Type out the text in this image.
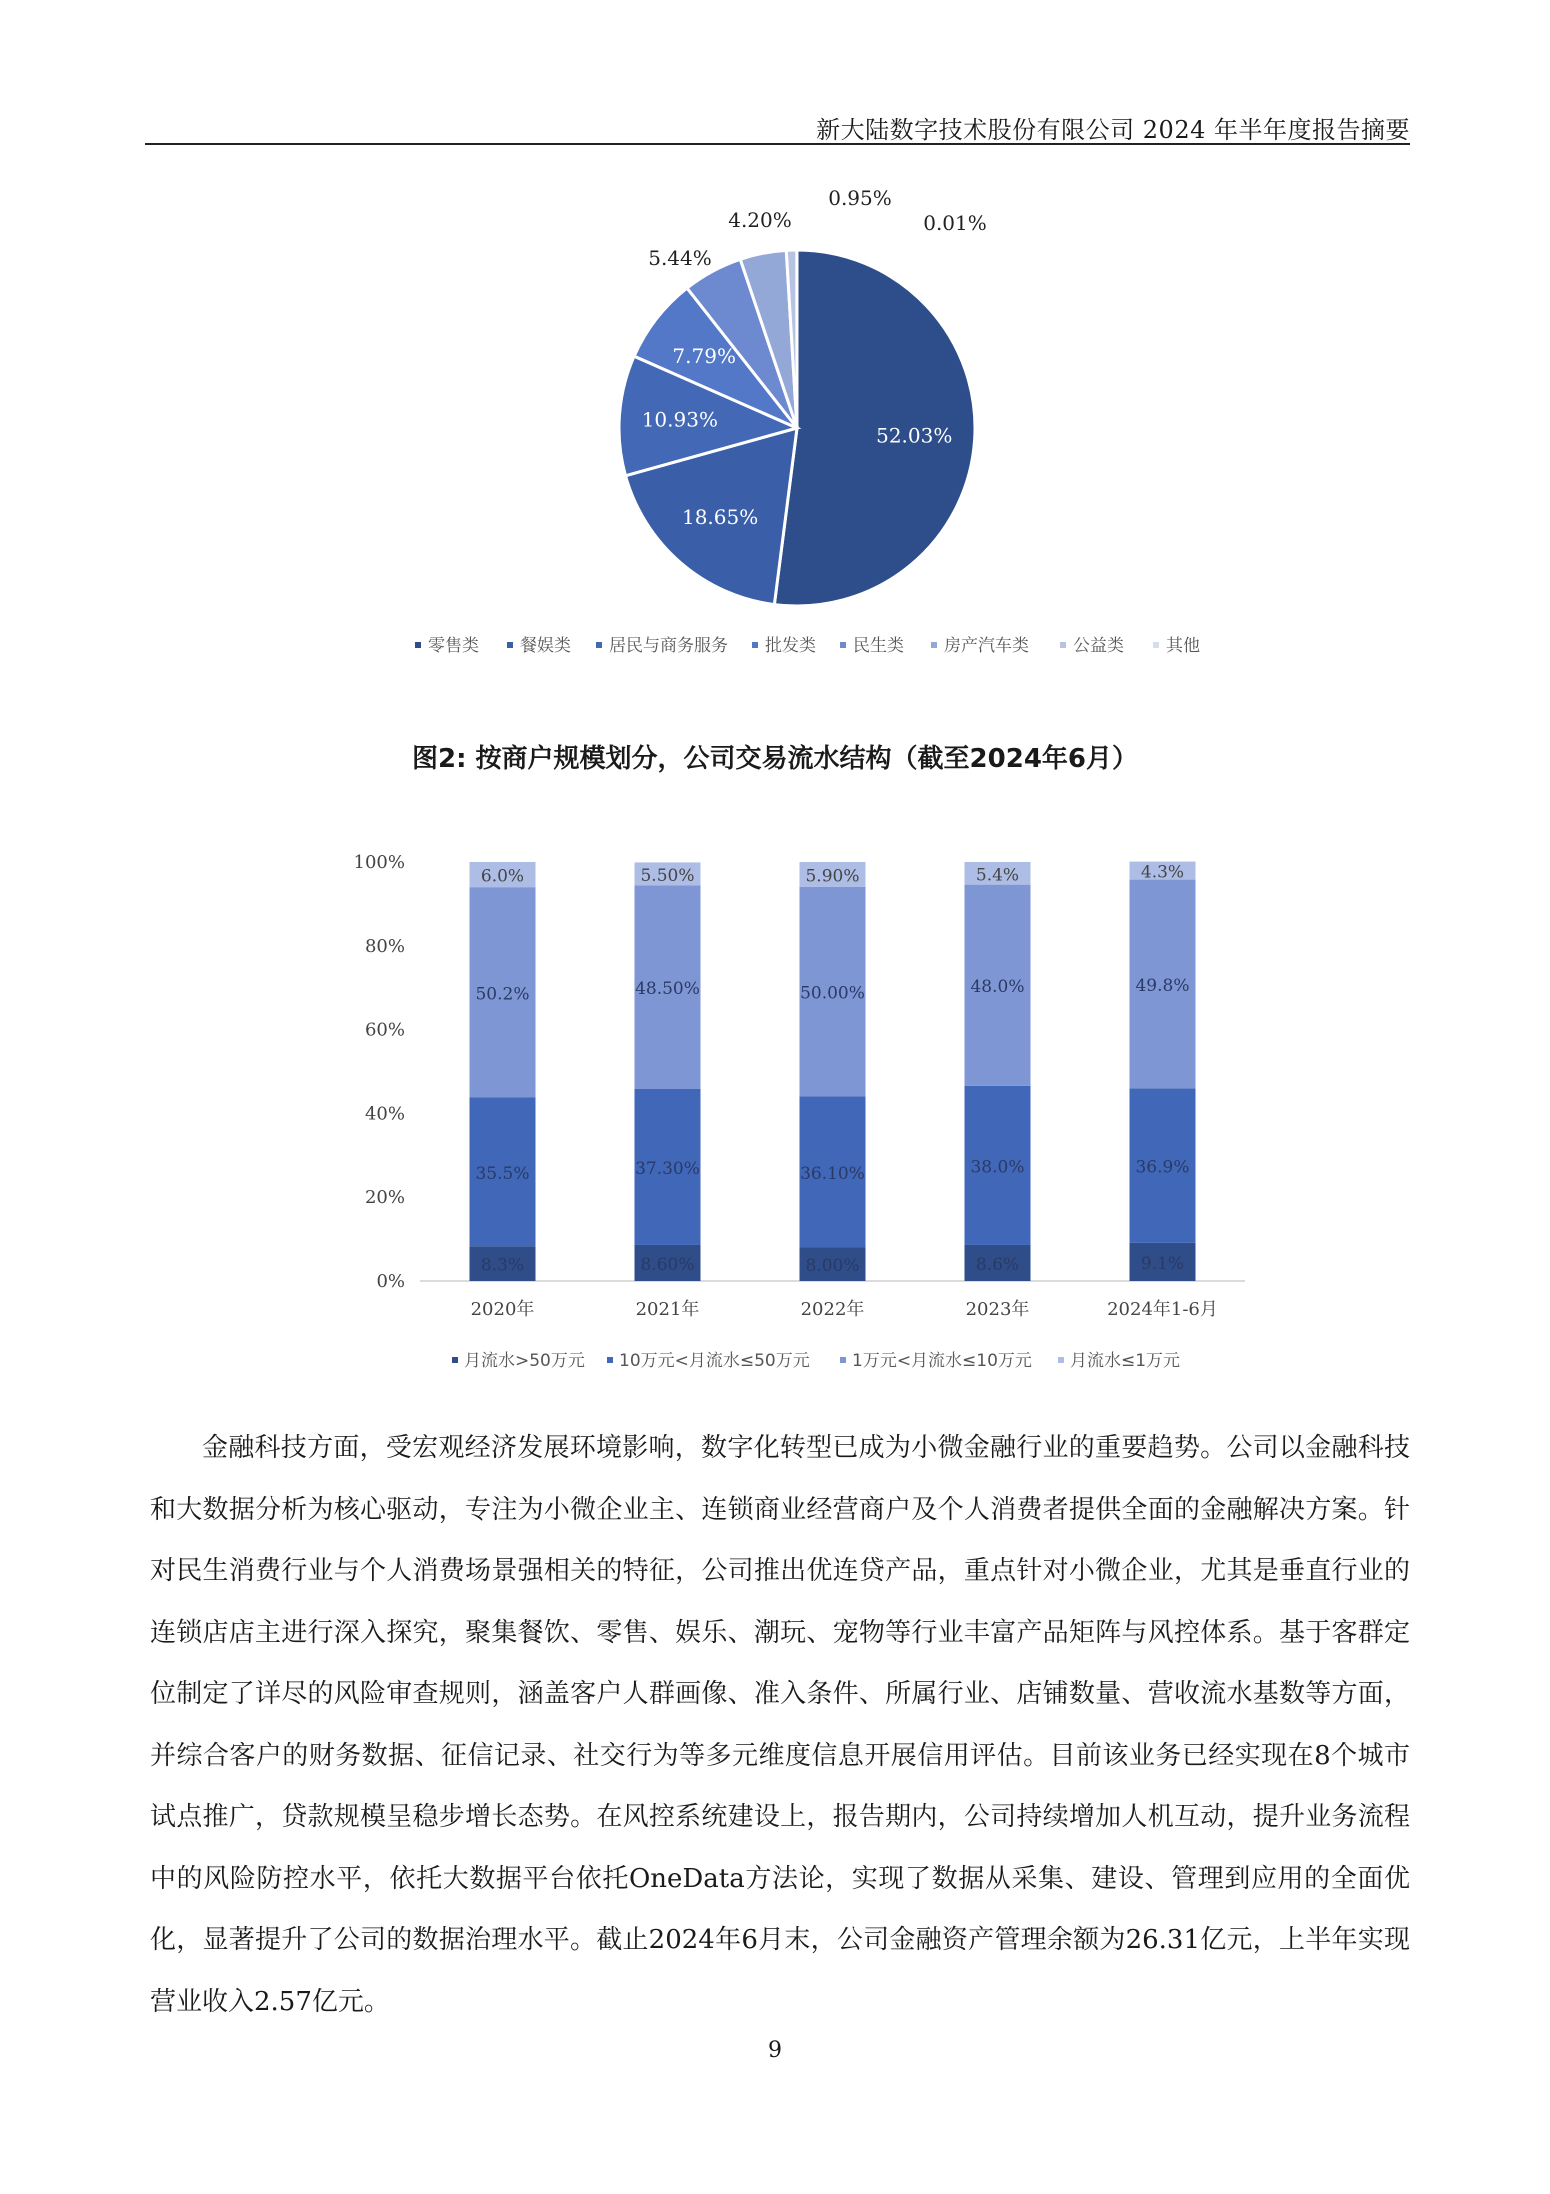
新大陆数字技术股份有限公司 2024 年半年度报告摘要
52.03%
18.65%
10.93%
7.79%
5.44%
4.20%
0.95%
0.01%
零售类 餐娱类 居民与商务服务 批发类 民生类 房产汽车类	公益类 其他
图2: 按商户规模划分，公司交易流水结构（截至2024年6月）
0%
20%
40%
60%
80%
100%
8.3%
35.5%
50.2%
6.0%
8.60%
37.30%
48.50%
5.50%
8.00%
36.10%
50.00%
5.90%
8.6%
38.0%
48.0%
5.4%
9.1%
36.9%
49.8%
4.3%
2020年	2021年	2022年	2023年	2024年1-6月
月流水>50万元 10万元<月流水≤50万元 1万元<月流水≤10万元 月流水≤1万元

金融科技方面，受宏观经济发展环境影响，数字化转型已成为小微金融行业的重要趋势。公司以金融科技和大数据分析为核心驱动，专注为小微企业主、连锁商业经营商户及个人消费者提供全面的金融解决方案。针对民生消费行业与个人消费场景强相关的特征，公司推出优连贷产品，重点针对小微企业，尤其是垂直行业的连锁店店主进行深入探究，聚集餐饮、零售、娱乐、潮玩、宠物等行业丰富产品矩阵与风控体系。基于客群定位制定了详尽的风险审查规则，涵盖客户人群画像、准入条件、所属行业、店铺数量、营收流水基数等方面，并综合客户的财务数据、征信记录、社交行为等多元维度信息开展信用评估。目前该业务已经实现在8个城市试点推广，贷款规模呈稳步增长态势。在风控系统建设上，报告期内，公司持续增加人机互动，提升业务流程中的风险防控水平，依托大数据平台依托OneData方法论，实现了数据从采集、建设、管理到应用的全面优化，显著提升了公司的数据治理水平。截止2024年6月末，公司金融资产管理余额为26.31亿元，上半年实现营业收入2.57亿元。

9
